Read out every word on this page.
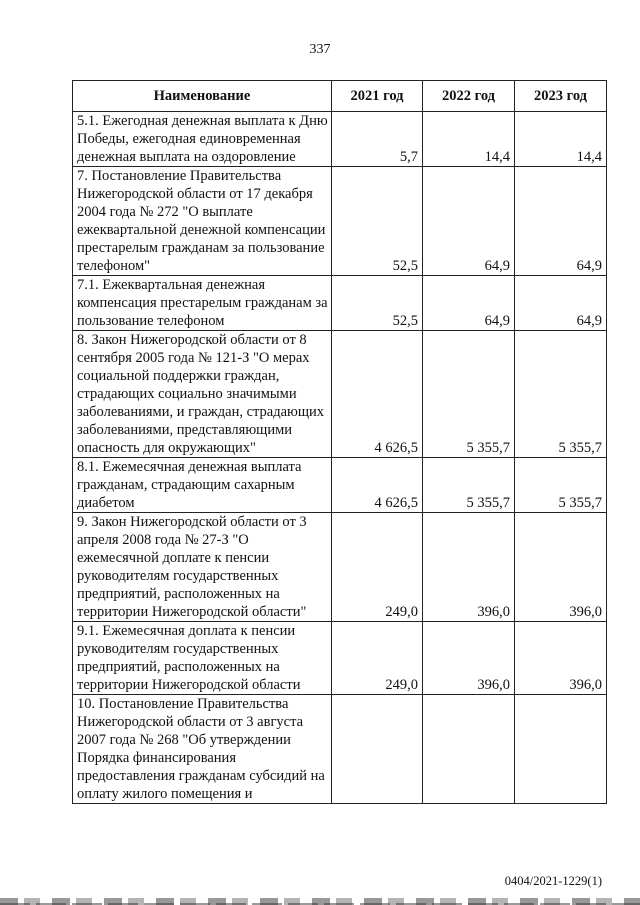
337
Наименование	2021 год	2022 год	2023 год
5.1. Ежегодная денежная выплата к Дню Победы, ежегодная единовременная денежная выплата на оздоровление	5,7	14,4	14,4
7. Постановление Правительства Нижегородской области от 17 декабря 2004 года № 272 "О выплате ежеквартальной денежной компенсации престарелым гражданам за пользование телефоном"	52,5	64,9	64,9
7.1. Ежеквартальная денежная компенсация престарелым гражданам за пользование телефоном	52,5	64,9	64,9
8. Закон Нижегородской области от 8 сентября 2005 года № 121-З "О мерах социальной поддержки граждан, страдающих социально значимыми заболеваниями, и граждан, страдающих заболеваниями, представляющими опасность для окружающих"	4 626,5	5 355,7	5 355,7
8.1. Ежемесячная денежная выплата гражданам, страдающим сахарным диабетом	4 626,5	5 355,7	5 355,7
9. Закон Нижегородской области от 3 апреля 2008 года № 27-З "О ежемесячной доплате к пенсии руководителям государственных предприятий, расположенных на территории Нижегородской области"	249,0	396,0	396,0
9.1. Ежемесячная доплата к пенсии руководителям государственных предприятий, расположенных на территории Нижегородской области	249,0	396,0	396,0
10. Постановление Правительства Нижегородской области от 3 августа 2007 года № 268 "Об утверждении Порядка финансирования предоставления гражданам субсидий на оплату жилого помещения и			
0404/2021-1229(1)
